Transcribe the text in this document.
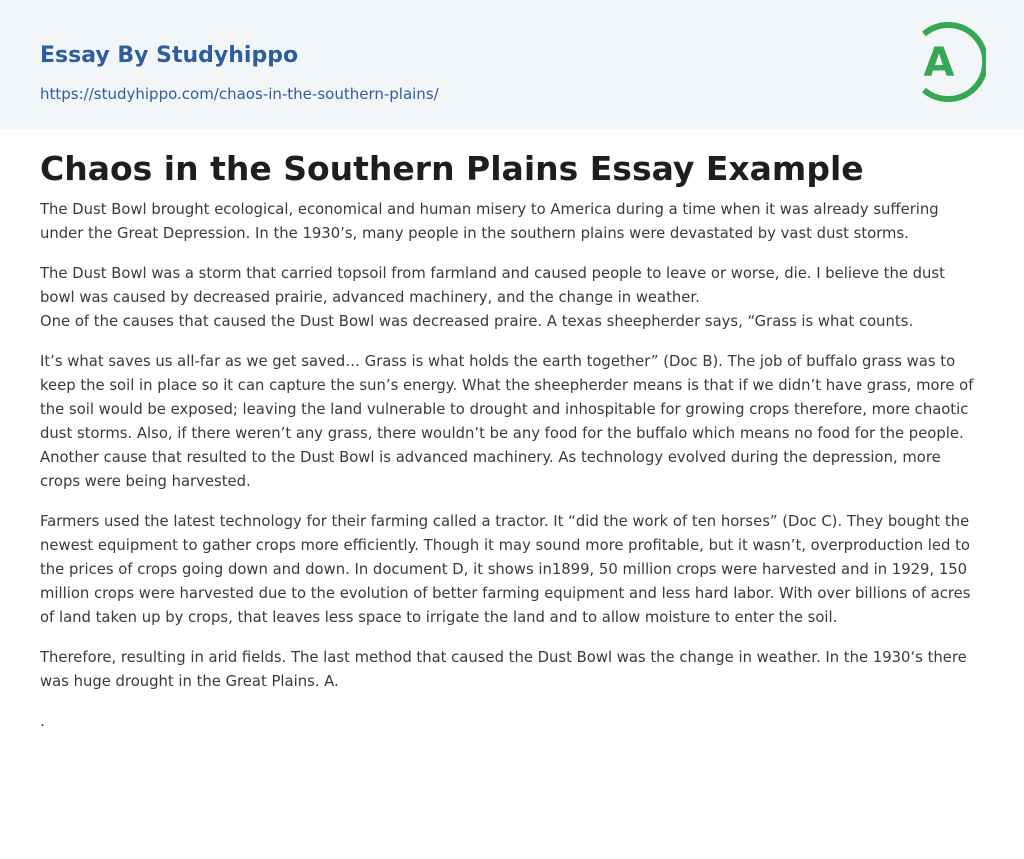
Essay By Studyhippo
https://studyhippo.com/chaos-in-the-southern-plains/
A
Chaos in the Southern Plains Essay Example

The Dust Bowl brought ecological, economical and human misery to America during a time when it was already suffering under the Great Depression. In the 1930’s, many people in the southern plains were devastated by vast dust storms.

The Dust Bowl was a storm that carried topsoil from farmland and caused people to leave or worse, die. I believe the dust bowl was caused by decreased prairie, advanced machinery, and the change in weather.

One of the causes that caused the Dust Bowl was decreased praire. A texas sheepherder says, “Grass is what counts.

It’s what saves us all-far as we get saved… Grass is what holds the earth together” (Doc B). The job of buffalo grass was to keep the soil in place so it can capture the sun’s energy. What the sheepherder means is that if we didn’t have grass, more of the soil would be exposed; leaving the land vulnerable to drought and inhospitable for growing crops therefore, more chaotic dust storms. Also, if there weren’t any grass, there wouldn’t be any food for the buffalo which means no food for the people.

Another cause that resulted to the Dust Bowl is advanced machinery. As technology evolved during the depression, more crops were being harvested.

Farmers used the latest technology for their farming called a tractor. It “did the work of ten horses” (Doc C). They bought the newest equipment to gather crops more efficiently. Though it may sound more profitable, but it wasn’t, overproduction led to the prices of crops going down and down. In document D, it shows in1899, 50 million crops were harvested and in 1929, 150 million crops were harvested due to the evolution of better farming equipment and less hard labor. With over billions of acres of land taken up by crops, that leaves less space to irrigate the land and to allow moisture to enter the soil.

Therefore, resulting in arid fields. The last method that caused the Dust Bowl was the change in weather. In the 1930‘s there was huge drought in the Great Plains. A.

.
